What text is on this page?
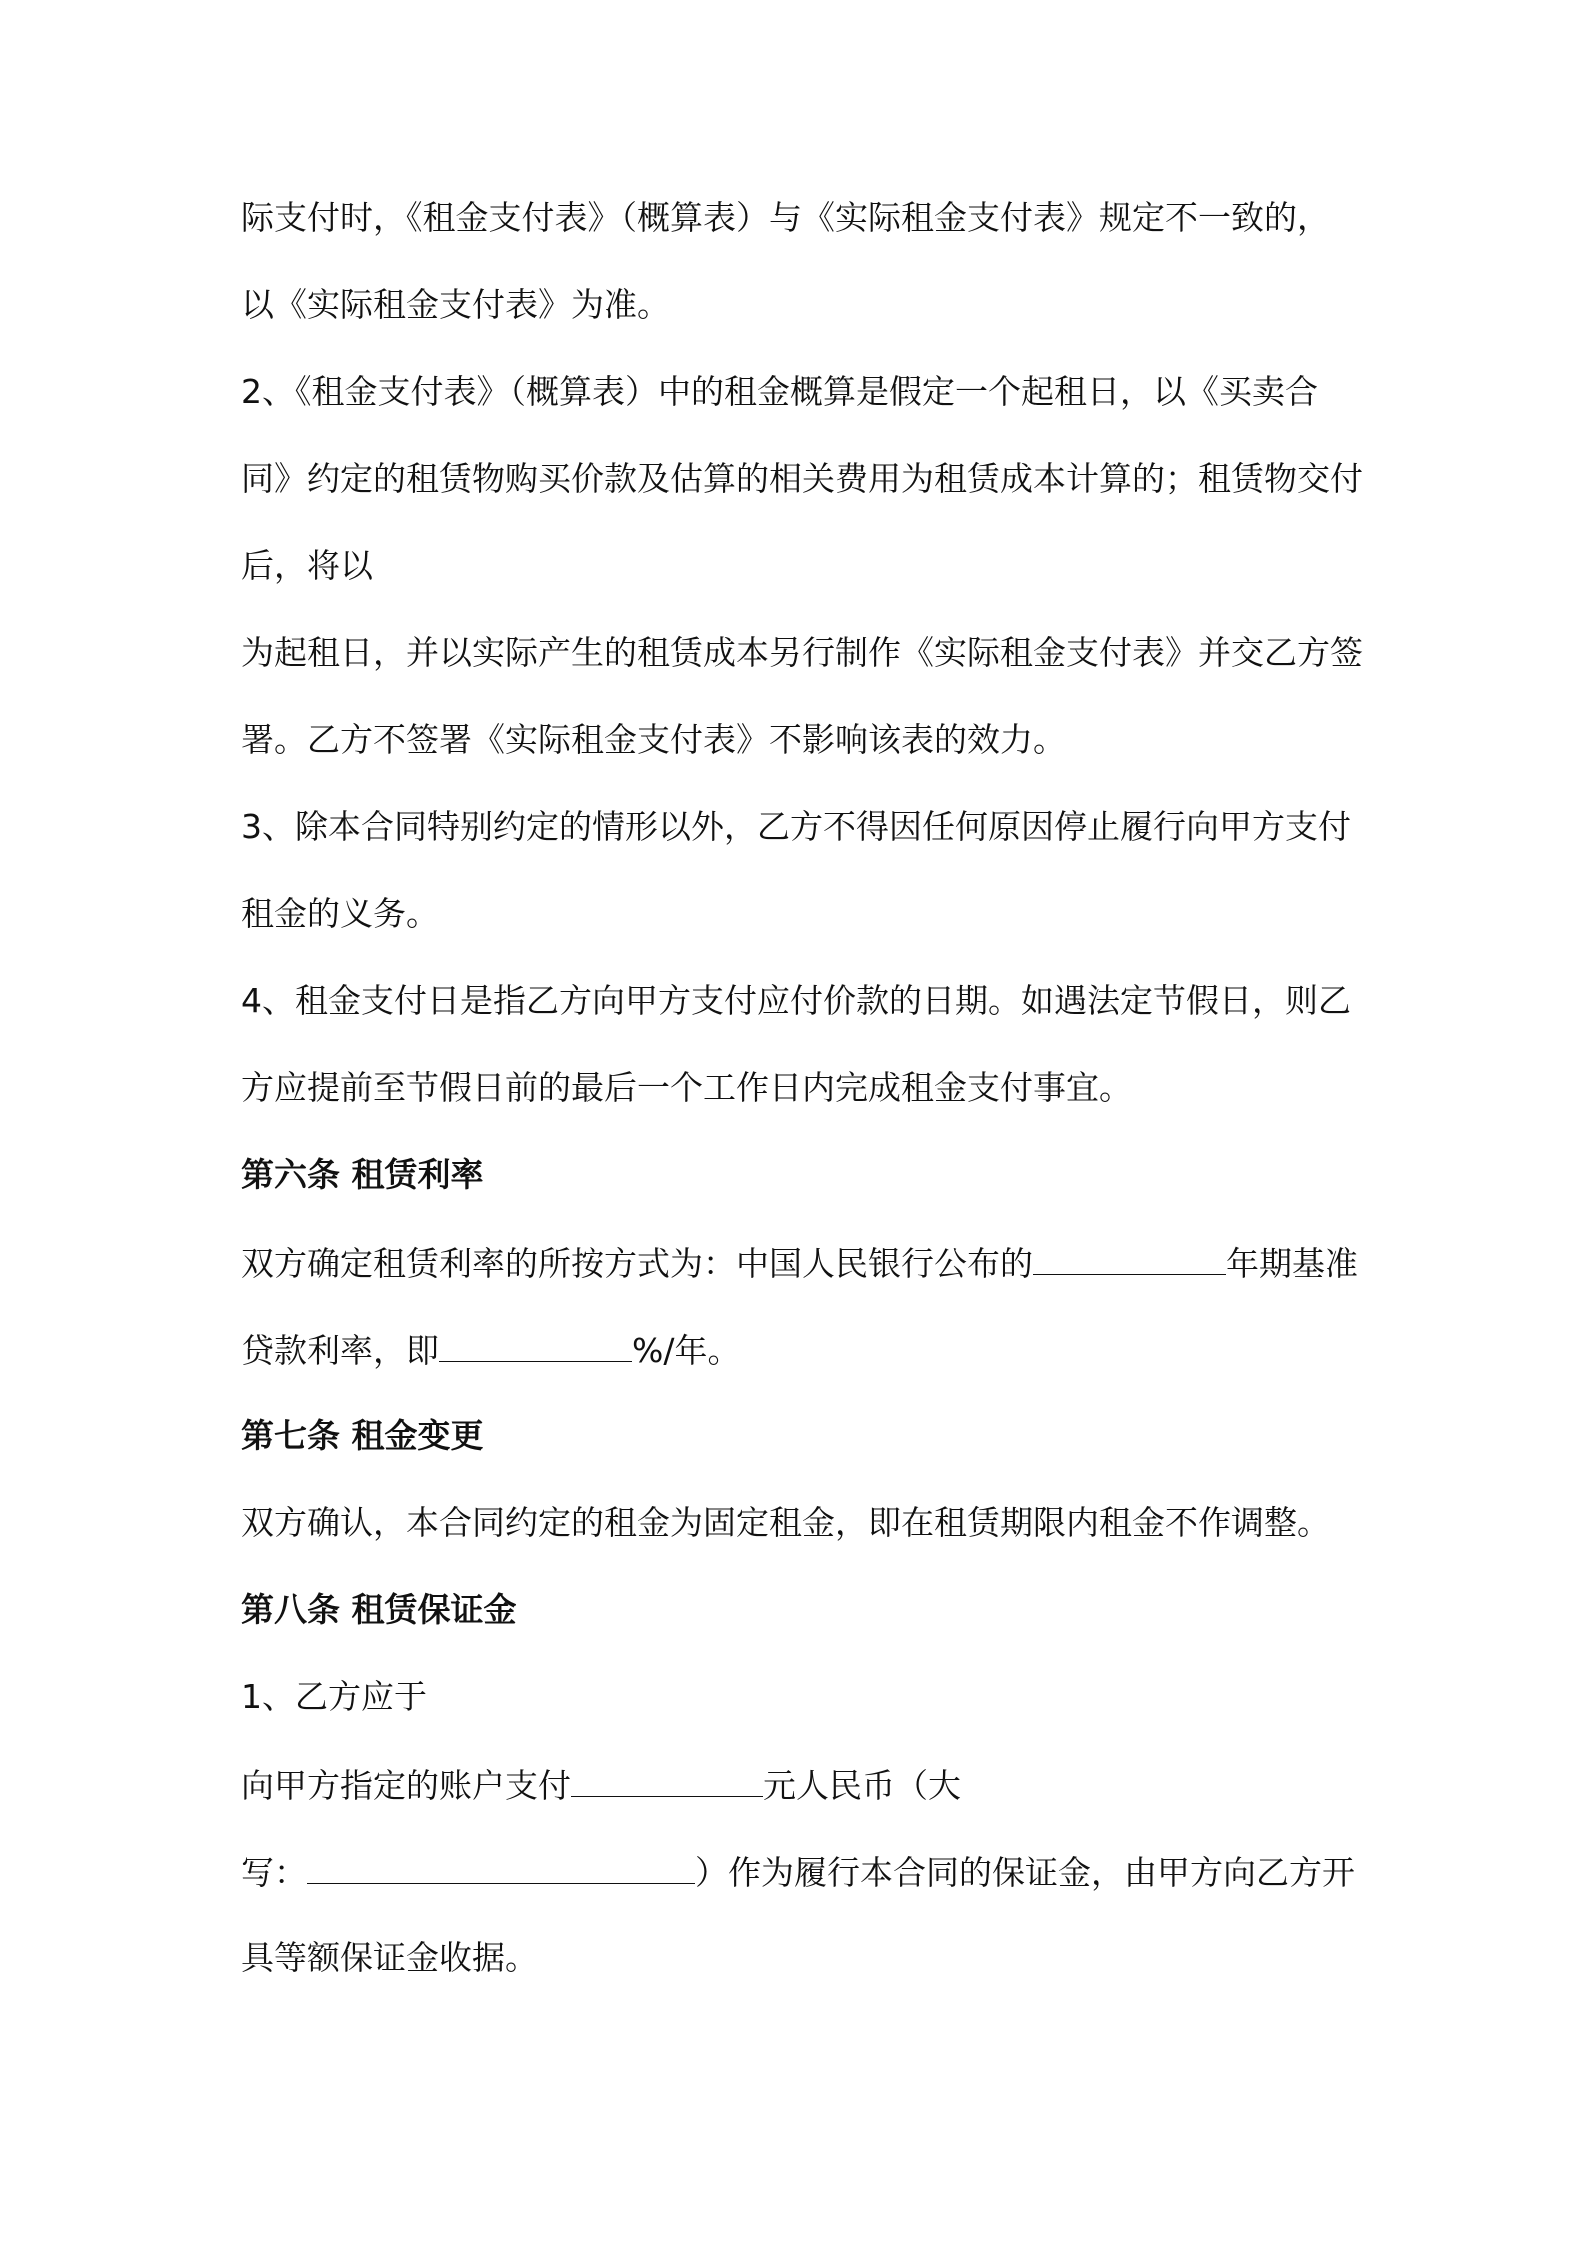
际支付时，《租金支付表》（概算表）与《实际租金支付表》规定不一致的，
以《实际租金支付表》为准。
2、《租金支付表》（概算表）中的租金概算是假定一个起租日，以《买卖合
同》约定的租赁物购买价款及估算的相关费用为租赁成本计算的；租赁物交付
后，将以
为起租日，并以实际产生的租赁成本另行制作《实际租金支付表》并交乙方签
署。乙方不签署《实际租金支付表》不影响该表的效力。
3、除本合同特别约定的情形以外，乙方不得因任何原因停止履行向甲方支付
租金的义务。
4、租金支付日是指乙方向甲方支付应付价款的日期。如遇法定节假日，则乙
方应提前至节假日前的最后一个工作日内完成租金支付事宜。
第六条 租赁利率
双方确定租赁利率的所按方式为：中国人民银行公布的	年期基准
贷款利率，即	%/年。
第七条 租金变更
双方确认，本合同约定的租金为固定租金，即在租赁期限内租金不作调整。
第八条 租赁保证金
1、乙方应于
向甲方指定的账户支付	元人民币（大
写：	）作为履行本合同的保证金，由甲方向乙方开
具等额保证金收据。
